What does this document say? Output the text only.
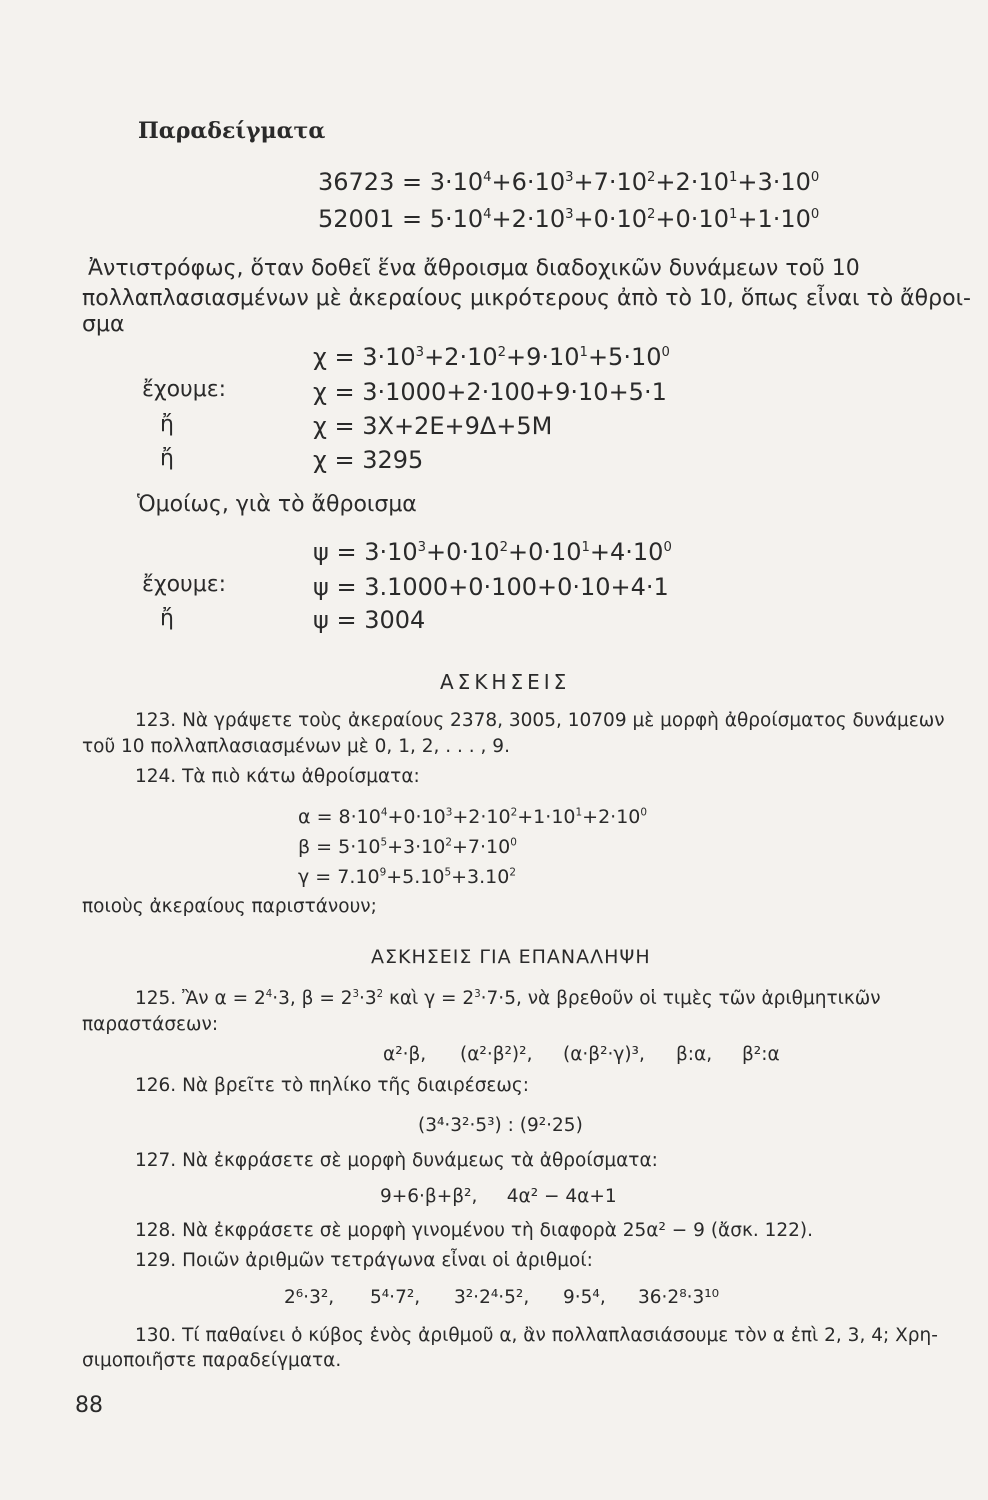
Παραδείγματα
$36723 = 3\cdot 10^4+6\cdot 10^3+7\cdot 10^2+2\cdot 10^1+3\cdot 10^0$
$52001 = 5\cdot 10^4+2\cdot 10^3+0\cdot 10^2+0\cdot 10^1+1\cdot 10^0$
Ἀντιστρόφως, ὅταν δοθεῖ ἕνα ἄθροισμα διαδοχικῶν δυνάμεων τοῦ 10
πολλαπλασιασμένων μὲ ἀκεραίους μικρότερους ἀπὸ τὸ 10, ὅπως εἶναι τὸ ἄθροι-
σμα
$\chi = 3\cdot 10^3+2\cdot 10^2+9\cdot 10^1+5\cdot 10^0$
ἔχουμε:	χ = 3·1000+2·100+9·10+5·1
ἤ	χ = 3Χ+2Ε+9Δ+5Μ
ἤ	χ = 3295
Ὁμοίως, γιὰ τὸ ἄθροισμα
$\psi = 3\cdot 10^3+0\cdot 10^2+0\cdot 10^1+4\cdot 10^0$
ἔχουμε:	ψ = 3.1000+0·100+0·10+4·1
ἤ	ψ = 3004
ΑΣΚΗΣΕΙΣ
123. Νὰ γράψετε τοὺς ἀκεραίους 2378, 3005, 10709 μὲ μορφὴ ἀθροίσματος δυνάμεων
τοῦ 10 πολλαπλασιασμένων μὲ 0, 1, 2, . . . , 9.
124. Τὰ πιὸ κάτω ἀθροίσματα:
$\alpha = 8\cdot 10^4+0\cdot 10^3+2\cdot 10^2+1\cdot 10^1+2\cdot 10^0$
$\beta = 5\cdot 10^5+3\cdot 10^2+7\cdot 10^0$
$\gamma = 7.10^9+5.10^5+3.10^2$
ποιοὺς ἀκεραίους παριστάνουν;
ΑΣΚΗΣΕΙΣ ΓΙΑ ΕΠΑΝΑΛΗΨΗ
125. Ἂν $\alpha = 2^4\cdot 3$, $\beta = 2^3\cdot 3^2$ καὶ $\gamma = 2^3\cdot 7\cdot 5$, νὰ βρεθοῦν οἱ τιμὲς τῶν ἀριθμητικῶν
παραστάσεων:
α²·β, (α²·β²)², (α·β²·γ)³, β:α, β²:α
126. Νὰ βρεῖτε τὸ πηλίκο τῆς διαιρέσεως:
(3⁴·3²·5³) : (9²·25)
127. Νὰ ἐκφράσετε σὲ μορφὴ δυνάμεως τὰ ἀθροίσματα:
9+6·β+β²,     4α² − 4α+1
128. Νὰ ἐκφράσετε σὲ μορφὴ γινομένου τὴ διαφορὰ 25α² − 9 (ἄσκ. 122).
129. Ποιῶν ἀριθμῶν τετράγωνα εἶναι οἱ ἀριθμοί:
2⁶·3², 5⁴·7², 3²·2⁴·5², 9·5⁴, 36·2⁸·3¹⁰
130. Τί παθαίνει ὁ κύβος ἑνὸς ἀριθμοῦ α, ἂν πολλαπλασιάσουμε τὸν α ἐπὶ 2, 3, 4; Χρη-
σιμοποιῆστε παραδείγματα.
88
